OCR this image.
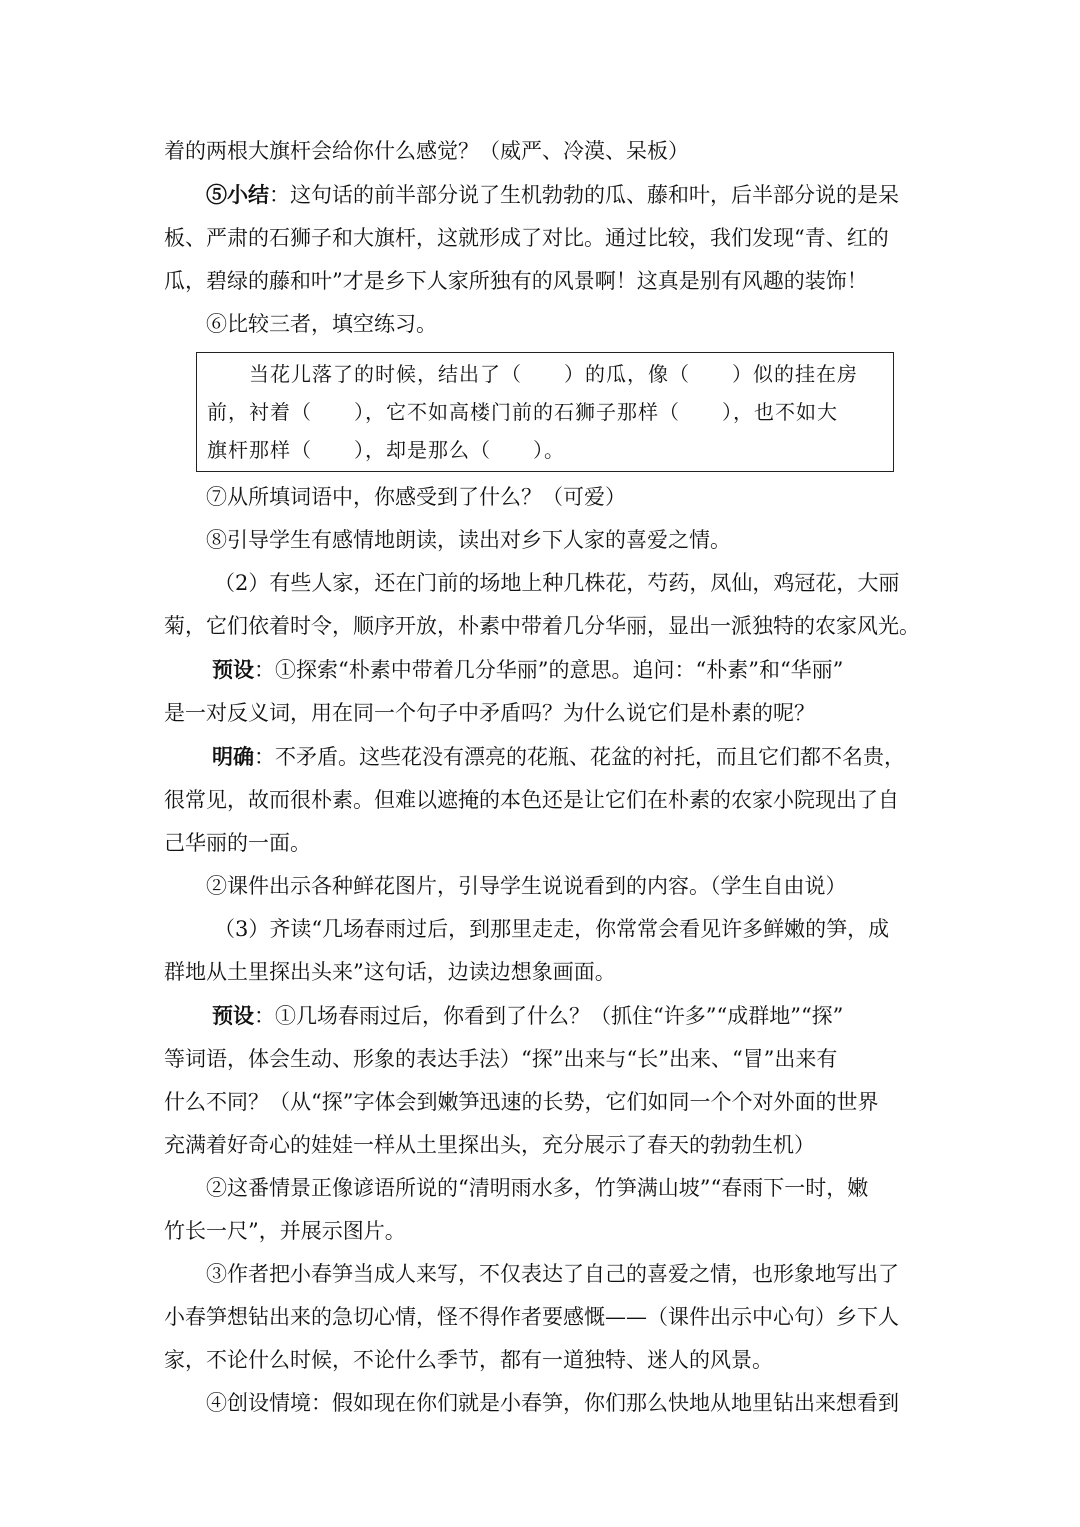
着的两根大旗杆会给你什么感觉？（威严、冷漠、呆板）

⑤小结：这句话的前半部分说了生机勃勃的瓜、藤和叶，后半部分说的是呆

板、严肃的石狮子和大旗杆，这就形成了对比。通过比较，我们发现“青、红的

瓜，碧绿的藤和叶”才是乡下人家所独有的风景啊！这真是别有风趣的装饰！

⑥比较三者，填空练习。

当花儿落了的时候，结出了（　　）的瓜，像（　　）似的挂在房

前，衬着（　　），它不如高楼门前的石狮子那样（　　），也不如大

旗杆那样（　　），却是那么（　　）。

⑦从所填词语中，你感受到了什么？（可爱）

⑧引导学生有感情地朗读，读出对乡下人家的喜爱之情。

（2）有些人家，还在门前的场地上种几株花，芍药，凤仙，鸡冠花，大丽

菊，它们依着时令，顺序开放，朴素中带着几分华丽，显出一派独特的农家风光。

预设：①探索“朴素中带着几分华丽”的意思。追问：“朴素”和“华丽”

是一对反义词，用在同一个句子中矛盾吗？为什么说它们是朴素的呢？

明确：不矛盾。这些花没有漂亮的花瓶、花盆的衬托，而且它们都不名贵，

很常见，故而很朴素。但难以遮掩的本色还是让它们在朴素的农家小院现出了自

己华丽的一面。

②课件出示各种鲜花图片，引导学生说说看到的内容。（学生自由说）

（3）齐读“几场春雨过后，到那里走走，你常常会看见许多鲜嫩的笋，成

群地从土里探出头来”这句话，边读边想象画面。

预设：①几场春雨过后，你看到了什么？（抓住“许多”“成群地”“探”

等词语，体会生动、形象的表达手法）“探”出来与“长”出来、“冒”出来有

什么不同？（从“探”字体会到嫩笋迅速的长势，它们如同一个个对外面的世界

充满着好奇心的娃娃一样从土里探出头，充分展示了春天的勃勃生机）

②这番情景正像谚语所说的“清明雨水多，竹笋满山坡”“春雨下一时，嫩

竹长一尺”，并展示图片。

③作者把小春笋当成人来写，不仅表达了自己的喜爱之情，也形象地写出了

小春笋想钻出来的急切心情，怪不得作者要感慨——（课件出示中心句）乡下人

家，不论什么时候，不论什么季节，都有一道独特、迷人的风景。

④创设情境：假如现在你们就是小春笋，你们那么快地从地里钻出来想看到
